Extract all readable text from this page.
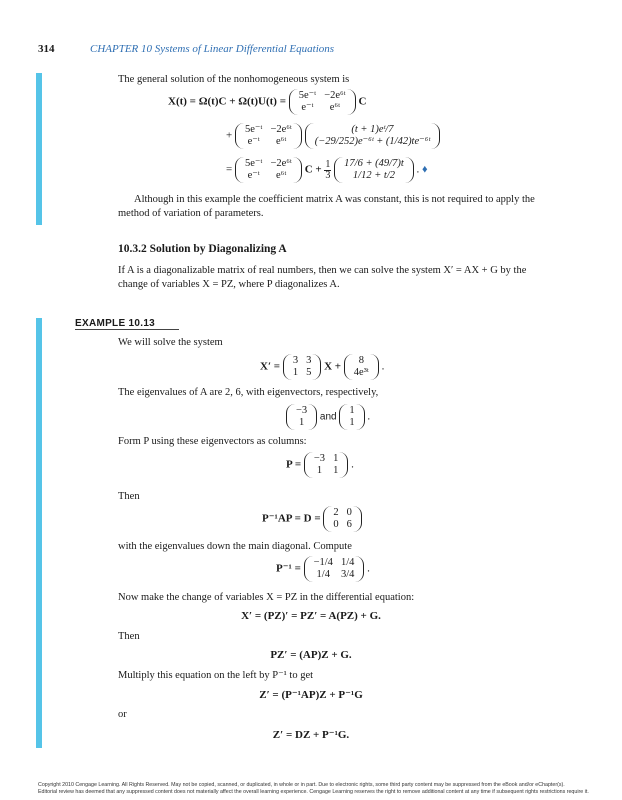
314	CHAPTER 10 Systems of Linear Differential Equations
The general solution of the nonhomogeneous system is
X(t) = Ω(t)C + Ω(t)U(t) =
5e⁻ᵗ	−2e⁶ᵗ
e⁻ᵗ	e⁶ᵗ C
+
5e⁻ᵗ	−2e⁶ᵗ
e⁻ᵗ	e⁶ᵗ

(t + 1)eᵗ/7
(−29/252)e⁻⁶ᵗ + (1/42)te⁻⁶ᵗ
=
5e⁻ᵗ	−2e⁶ᵗ
e⁻ᵗ	e⁶ᵗ $C + \frac{1}{3}$
17/6 + (49/7)t
1/12 + t/2 . ♦
Although in this example the coefficient matrix A was constant, this is not required to apply the method of variation of parameters.
10.3.2 Solution by Diagonalizing A
If A is a diagonalizable matrix of real numbers, then we can solve the system X′ = AX + G by the change of variables X = PZ, where P diagonalizes A.
EXAMPLE 10.13
We will solve the system
X′ =
3	3
1	5 X +
8
4e³ᵗ .
The eigenvalues of A are 2, 6, with eigenvectors, respectively,
−3
1 and
1
1 .
Form P using these eigenvectors as columns:
P =
−3	1
1	1 .
Then
P⁻¹AP = D =
2	0
0	6
with the eigenvalues down the main diagonal. Compute
P⁻¹ =
−1/4	1/4
1/4	3/4 .
Now make the change of variables X = PZ in the differential equation:
X′ = (PZ)′ = PZ′ = A(PZ) + G.
Then
PZ′ = (AP)Z + G.
Multiply this equation on the left by P⁻¹ to get
Z′ = (P⁻¹AP)Z + P⁻¹G
or
Z′ = DZ + P⁻¹G.
Copyright 2010 Cengage Learning. All Rights Reserved. May not be copied, scanned, or duplicated, in whole or in part. Due to electronic rights, some third party content may be suppressed from the eBook and/or eChapter(s).
Editorial review has deemed that any suppressed content does not materially affect the overall learning experience. Cengage Learning reserves the right to remove additional content at any time if subsequent rights restrictions require it.
